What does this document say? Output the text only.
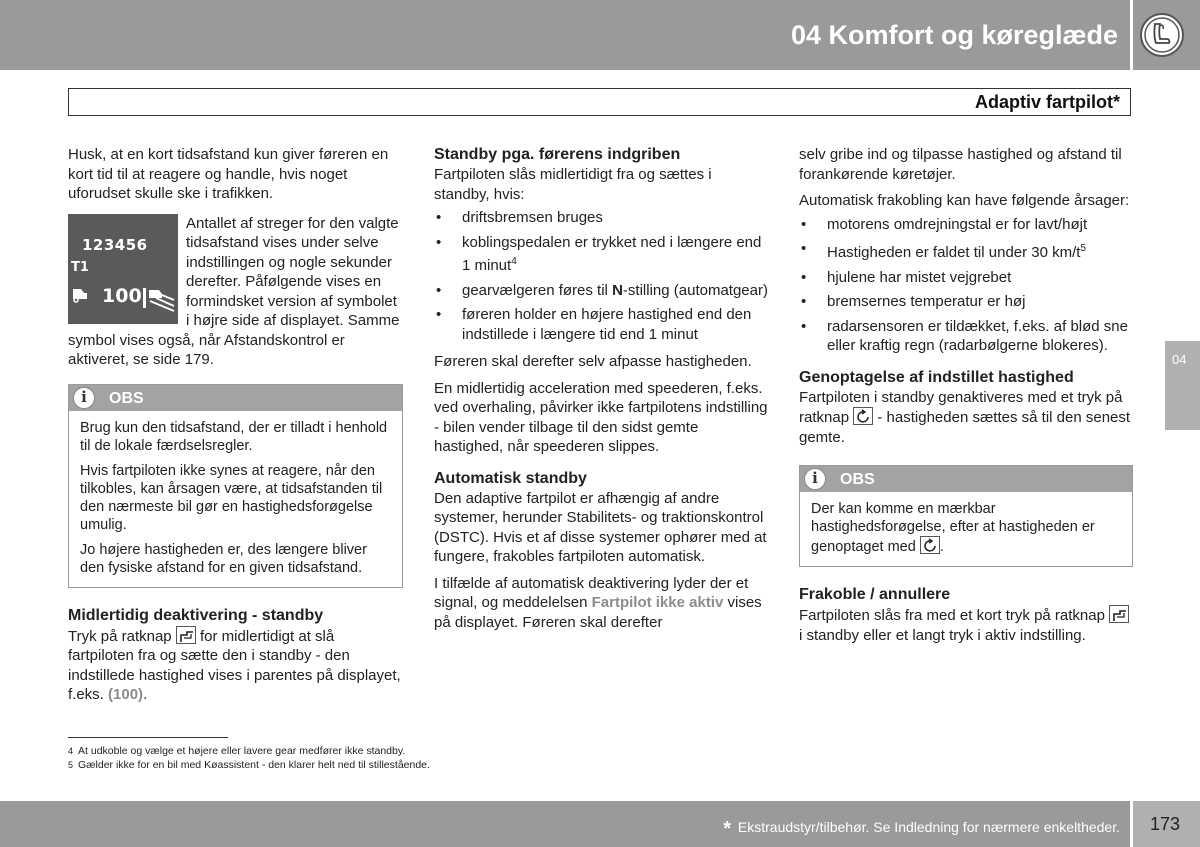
04 Komfort og køreglæde
Adaptiv fartpilot*

Husk, at en kort tidsafstand kun giver føreren en kort tid til at reagere og handle, hvis noget uforudset skulle ske i trafikken.

123456
T1
100

Antallet af streger for den valgte tidsafstand vises under selve indstillingen og nogle sekunder derefter. Påfølgende vises en formindsket version af symbolet i højre side af displayet. Samme symbol vises også, når Afstandskontrol er aktiveret, se side 179.

i	OBS

Brug kun den tidsafstand, der er tilladt i henhold til de lokale færdselsregler.

Hvis fartpiloten ikke synes at reagere, når den tilkobles, kan årsagen være, at tidsafstanden til den nærmeste bil gør en hastighedsforøgelse umulig.

Jo højere hastigheden er, des længere bliver den fysiske afstand for en given tidsafstand.

Midlertidig deaktivering - standby

Tryk på ratknap for midlertidigt at slå fartpiloten fra og sætte den i standby - den indstillede hastighed vises i parentes på displayet, f.eks. (100).

Standby pga. førerens indgriben

Fartpiloten slås midlertidigt fra og sættes i standby, hvis:

• driftsbremsen bruges
• koblingspedalen er trykket ned i længere end 1 minut$^4$
• gearvælgeren føres til N-stilling (automatgear)
• føreren holder en højere hastighed end den indstillede i længere tid end 1 minut

Føreren skal derefter selv afpasse hastigheden.

En midlertidig acceleration med speederen, f.eks. ved overhaling, påvirker ikke fartpilotens indstilling - bilen vender tilbage til den sidst gemte hastighed, når speederen slippes.

Automatisk standby

Den adaptive fartpilot er afhængig af andre systemer, herunder Stabilitets- og traktionskontrol (DSTC). Hvis et af disse systemer ophører med at fungere, frakobles fartpiloten automatisk.

I tilfælde af automatisk deaktivering lyder der et signal, og meddelelsen Fartpilot ikke aktiv vises på displayet. Føreren skal derefter

selv gribe ind og tilpasse hastighed og afstand til forankørende køretøjer.

Automatisk frakobling kan have følgende årsager:

• motorens omdrejningstal er for lavt/højt
• Hastigheden er faldet til under 30 $km/t^5$
• hjulene har mistet vejgrebet
• bremsernes temperatur er høj
• radarsensoren er tildækket, f.eks. af blød sne eller kraftig regn (radarbølgerne blokeres).
Genoptagelse af indstillet hastighed

Fartpiloten i standby genaktiveres med et tryk på ratknap - hastigheden sættes så til den senest gemte.

i	OBS

Der kan komme en mærkbar hastighedsforøgelse, efter at hastigheden er genoptaget med .

Frakoble / annullere

Fartpiloten slås fra med et kort tryk på ratknap
i standby eller et langt tryk i aktiv indstilling.

04
4 At udkoble og vælge et højere eller lavere gear medfører ikke standby.
5 Gælder ikke for en bil med Køassistent - den klarer helt ned til stillestående.
* Ekstraudstyr/tilbehør. Se Indledning for nærmere enkeltheder. 173
